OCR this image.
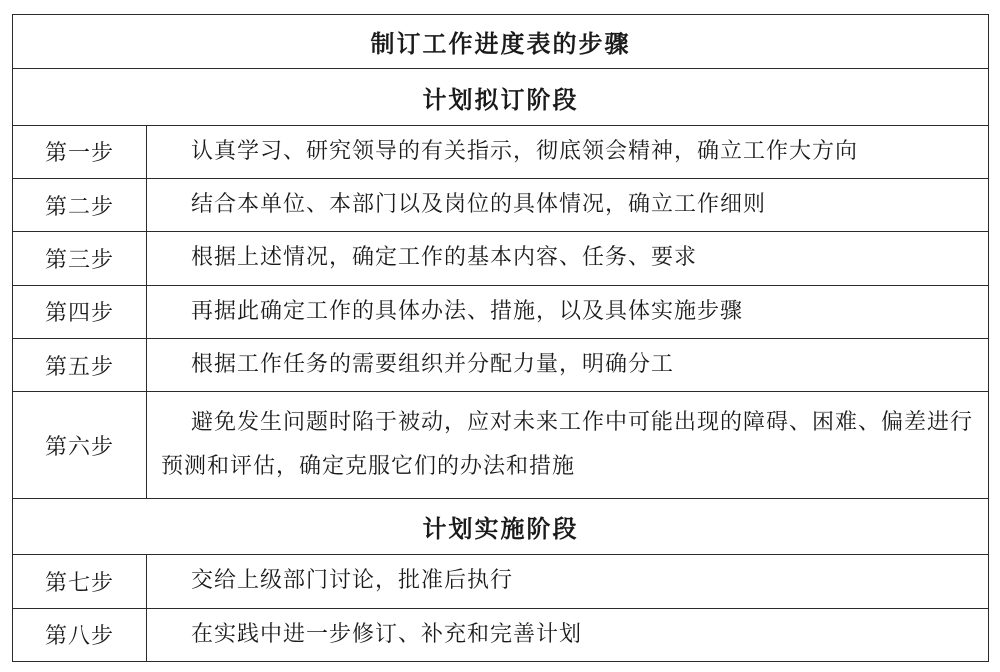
制订工作进度表的步骤	
计划拟订阶段	
第一步	认真学习、研究领导的有关指示，彻底领会精神，确立工作大方向

第二步	结合本单位、本部门以及岗位的具体情况，确立工作细则

第三步	根据上述情况，确定工作的基本内容、任务、要求

第四步	再据此确定工作的具体办法、措施，以及具体实施步骤

第五步	根据工作任务的需要组织并分配力量，明确分工

第六步	避免发生问题时陷于被动，应对未来工作中可能出现的障碍、困难、偏差进行预测和评估，确定克服它们的办法和措施

计划实施阶段	
第七步	交给上级部门讨论，批准后执行

第八步	在实践中进一步修订、补充和完善计划
